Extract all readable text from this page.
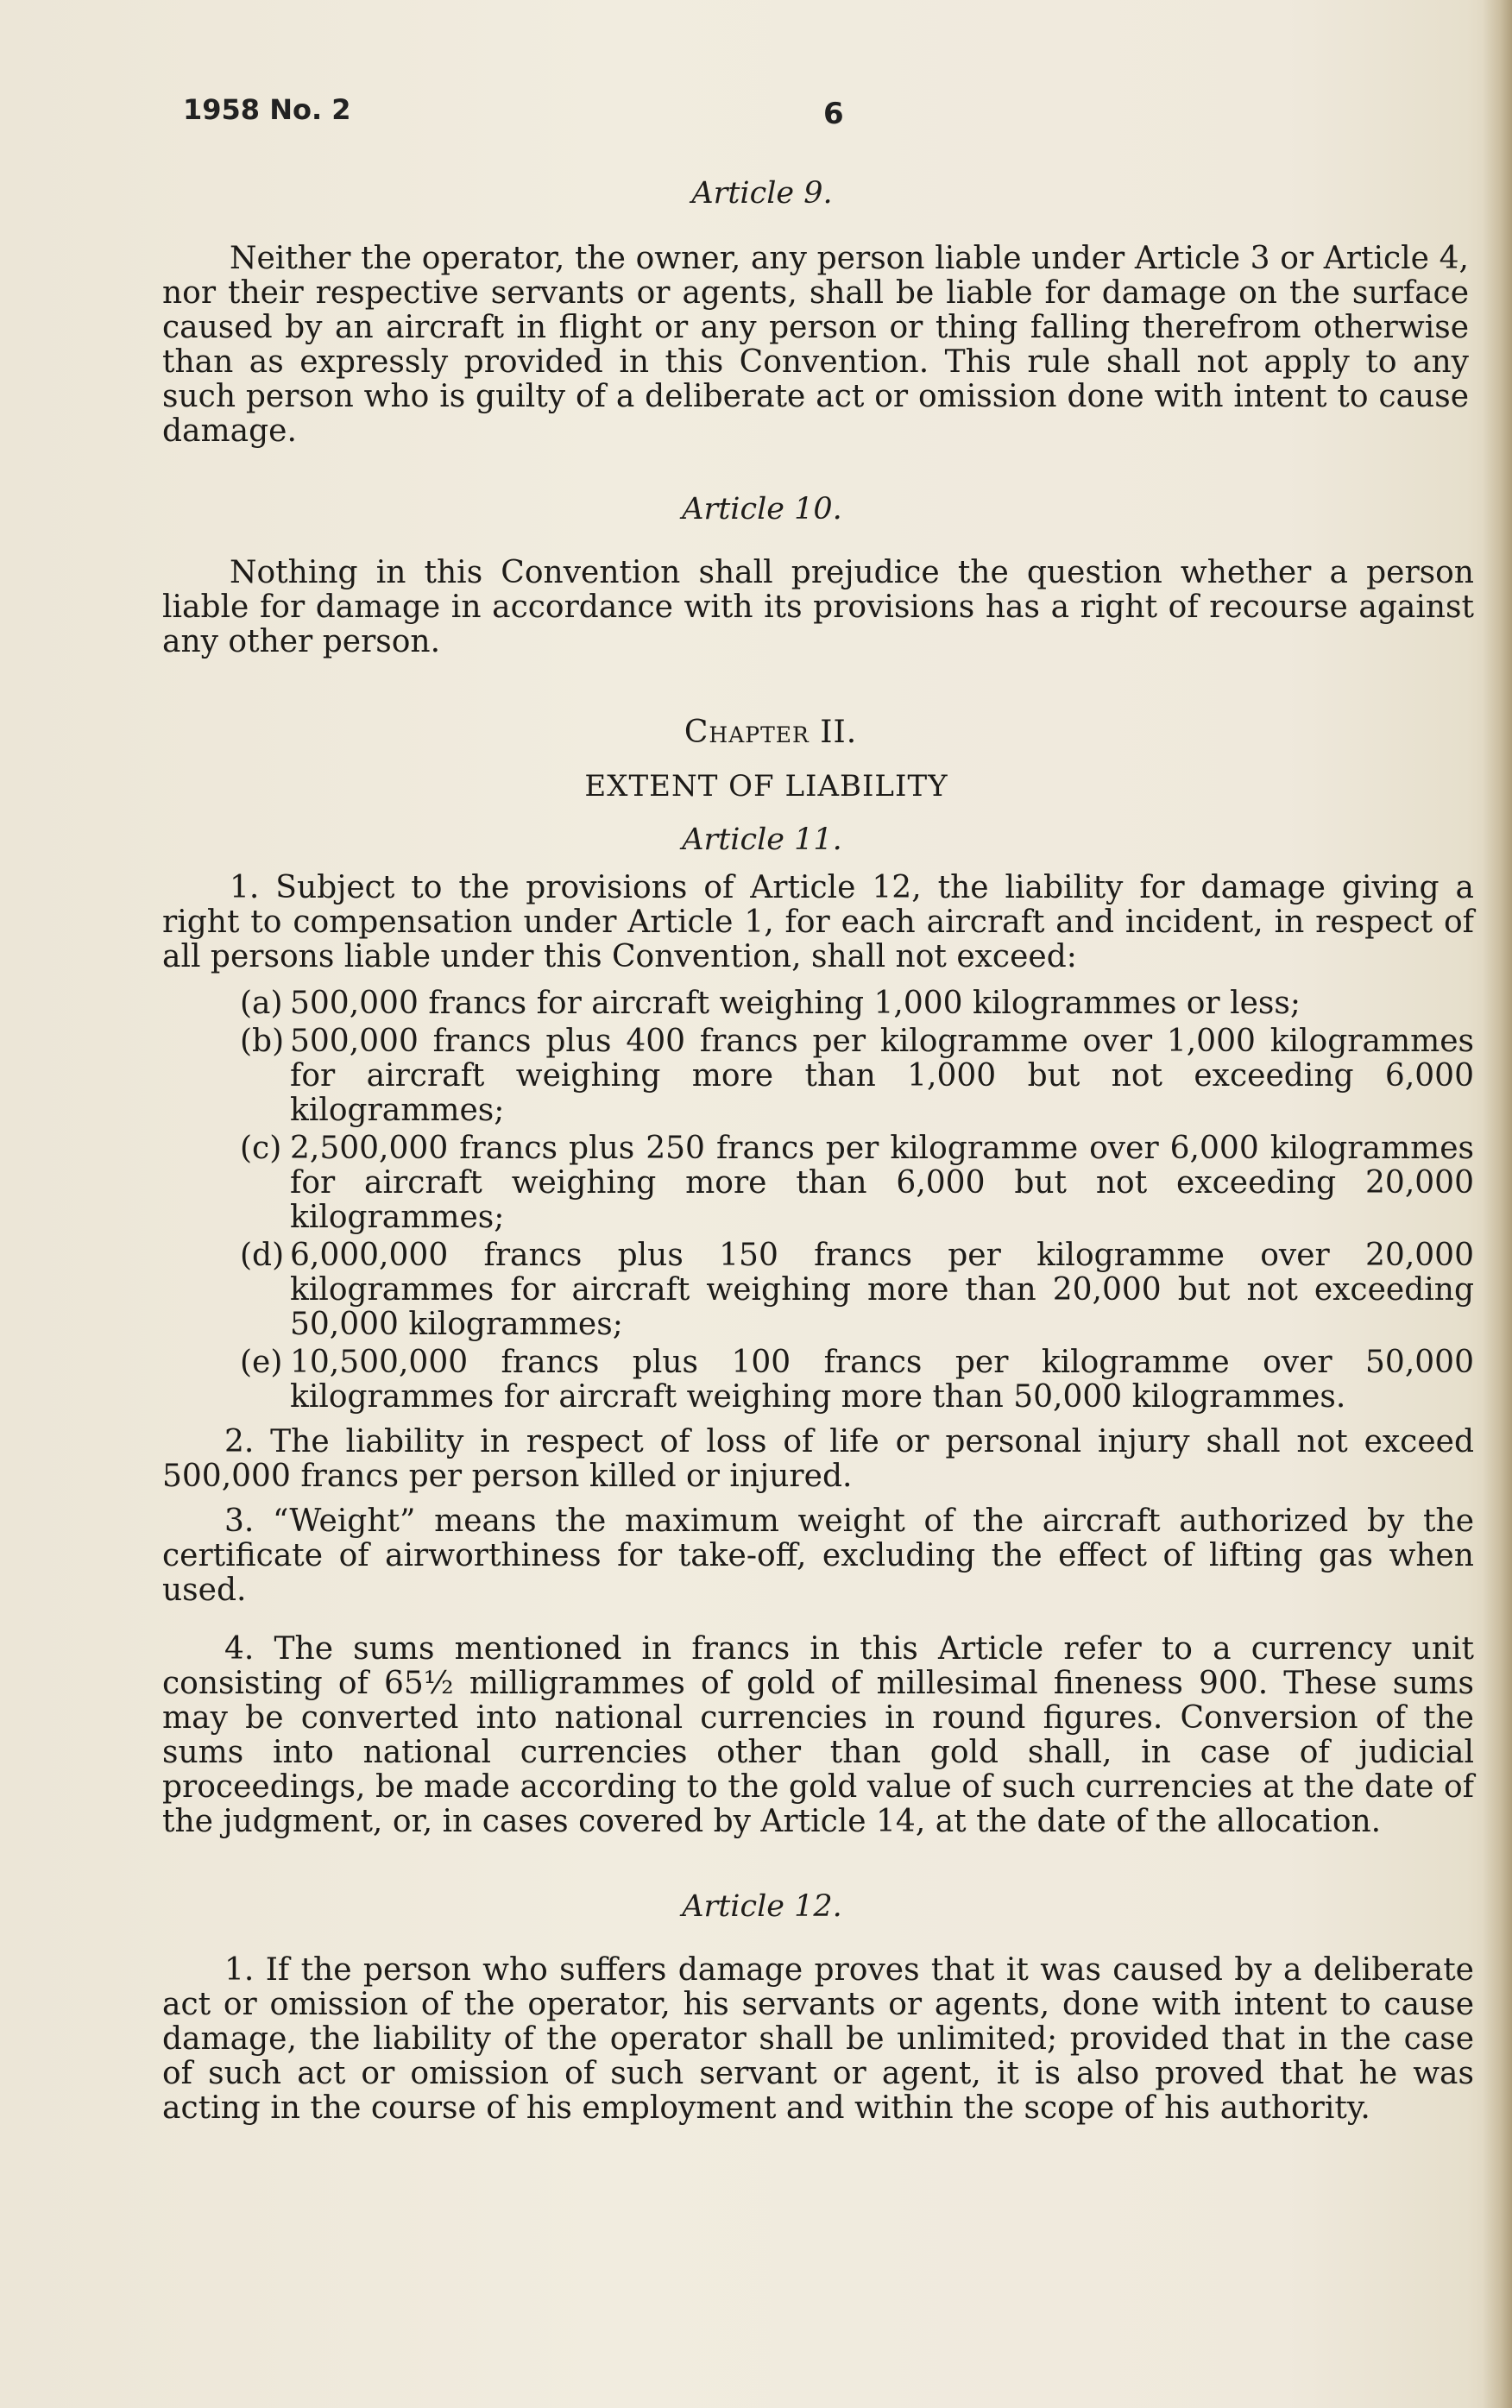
1958 No. 2	6

Article 9.

Neither the operator, the owner, any person liable under Article 3 or Article 4, nor their respective servants or agents, shall be liable for damage on the surface caused by an aircraft in flight or any person or thing falling therefrom otherwise than as expressly provided in this Convention. This rule shall not apply to any such person who is guilty of a deliberate act or omission done with intent to cause damage.

Article 10.

Nothing in this Convention shall prejudice the question whether a person liable for damage in accordance with its provisions has a right of recourse against any other person.

Chapter II.

EXTENT OF LIABILITY

Article 11.

1. Subject to the provisions of Article 12, the liability for damage giving a right to compensation under Article 1, for each aircraft and incident, in respect of all persons liable under this Convention, shall not exceed:

(a) 500,000 francs for aircraft weighing 1,000 kilogrammes or less;

(b) 500,000 francs plus 400 francs per kilogramme over 1,000 kilogrammes for aircraft weighing more than 1,000 but not exceeding 6,000 kilogrammes;

(c) 2,500,000 francs plus 250 francs per kilogramme over 6,000 kilogrammes for aircraft weighing more than 6,000 but not exceeding 20,000 kilogrammes;

(d) 6,000,000 francs plus 150 francs per kilogramme over 20,000 kilogrammes for aircraft weighing more than 20,000 but not exceeding 50,000 kilogrammes;

(e) 10,500,000 francs plus 100 francs per kilogramme over 50,000 kilogrammes for aircraft weighing more than 50,000 kilogrammes.

2. The liability in respect of loss of life or personal injury shall not exceed 500,000 francs per person killed or injured.

3. “Weight” means the maximum weight of the aircraft authorized by the certificate of airworthiness for take-off, excluding the effect of lifting gas when used.

4. The sums mentioned in francs in this Article refer to a currency unit consisting of 65½ milligrammes of gold of millesimal fineness 900. These sums may be converted into national currencies in round figures. Conversion of the sums into national currencies other than gold shall, in case of judicial proceedings, be made according to the gold value of such currencies at the date of the judgment, or, in cases covered by Article 14, at the date of the allocation.

Article 12.

1. If the person who suffers damage proves that it was caused by a deliberate act or omission of the operator, his servants or agents, done with intent to cause damage, the liability of the operator shall be unlimited; provided that in the case of such act or omission of such servant or agent, it is also proved that he was acting in the course of his employment and within the scope of his authority.
